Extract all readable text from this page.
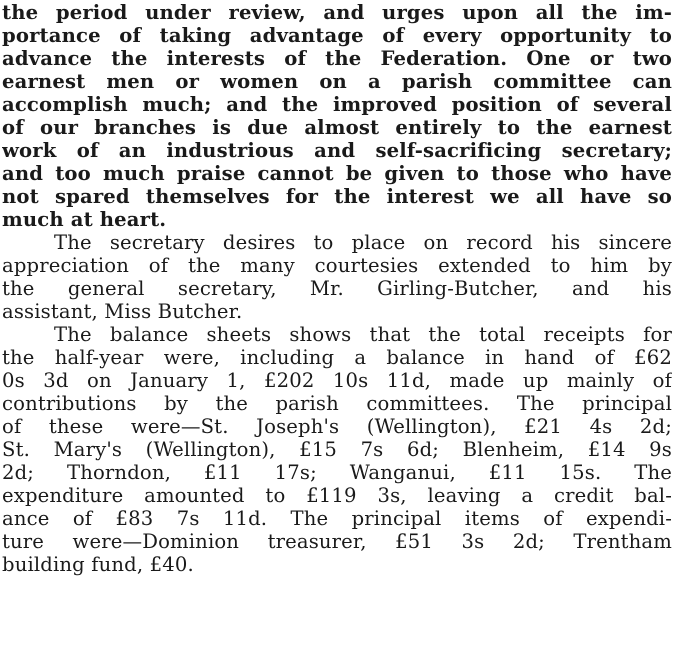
the period under review, and urges upon all the im-
portance of taking advantage of every opportunity to
advance the interests of the Federation. One or two
earnest men or women on a parish committee can
accomplish much; and the improved position of several
of our branches is due almost entirely to the earnest
work of an industrious and self-sacrificing secretary;
and too much praise cannot be given to those who have
not spared themselves for the interest we all have so
much at heart.
The secretary desires to place on record his sincere
appreciation of the many courtesies extended to him by
the general secretary, Mr. Girling-Butcher, and his
assistant, Miss Butcher.
The balance sheets shows that the total receipts for
the half-year were, including a balance in hand of £62
0s 3d on January 1, £202 10s 11d, made up mainly of
contributions by the parish committees. The principal
of these were—St. Joseph's (Wellington), £21 4s 2d;
St. Mary's (Wellington), £15 7s 6d; Blenheim, £14 9s
2d; Thorndon, £11 17s; Wanganui, £11 15s. The
expenditure amounted to £119 3s, leaving a credit bal-
ance of £83 7s 11d. The principal items of expendi-
ture were—Dominion treasurer, £51 3s 2d; Trentham
building fund, £40.
